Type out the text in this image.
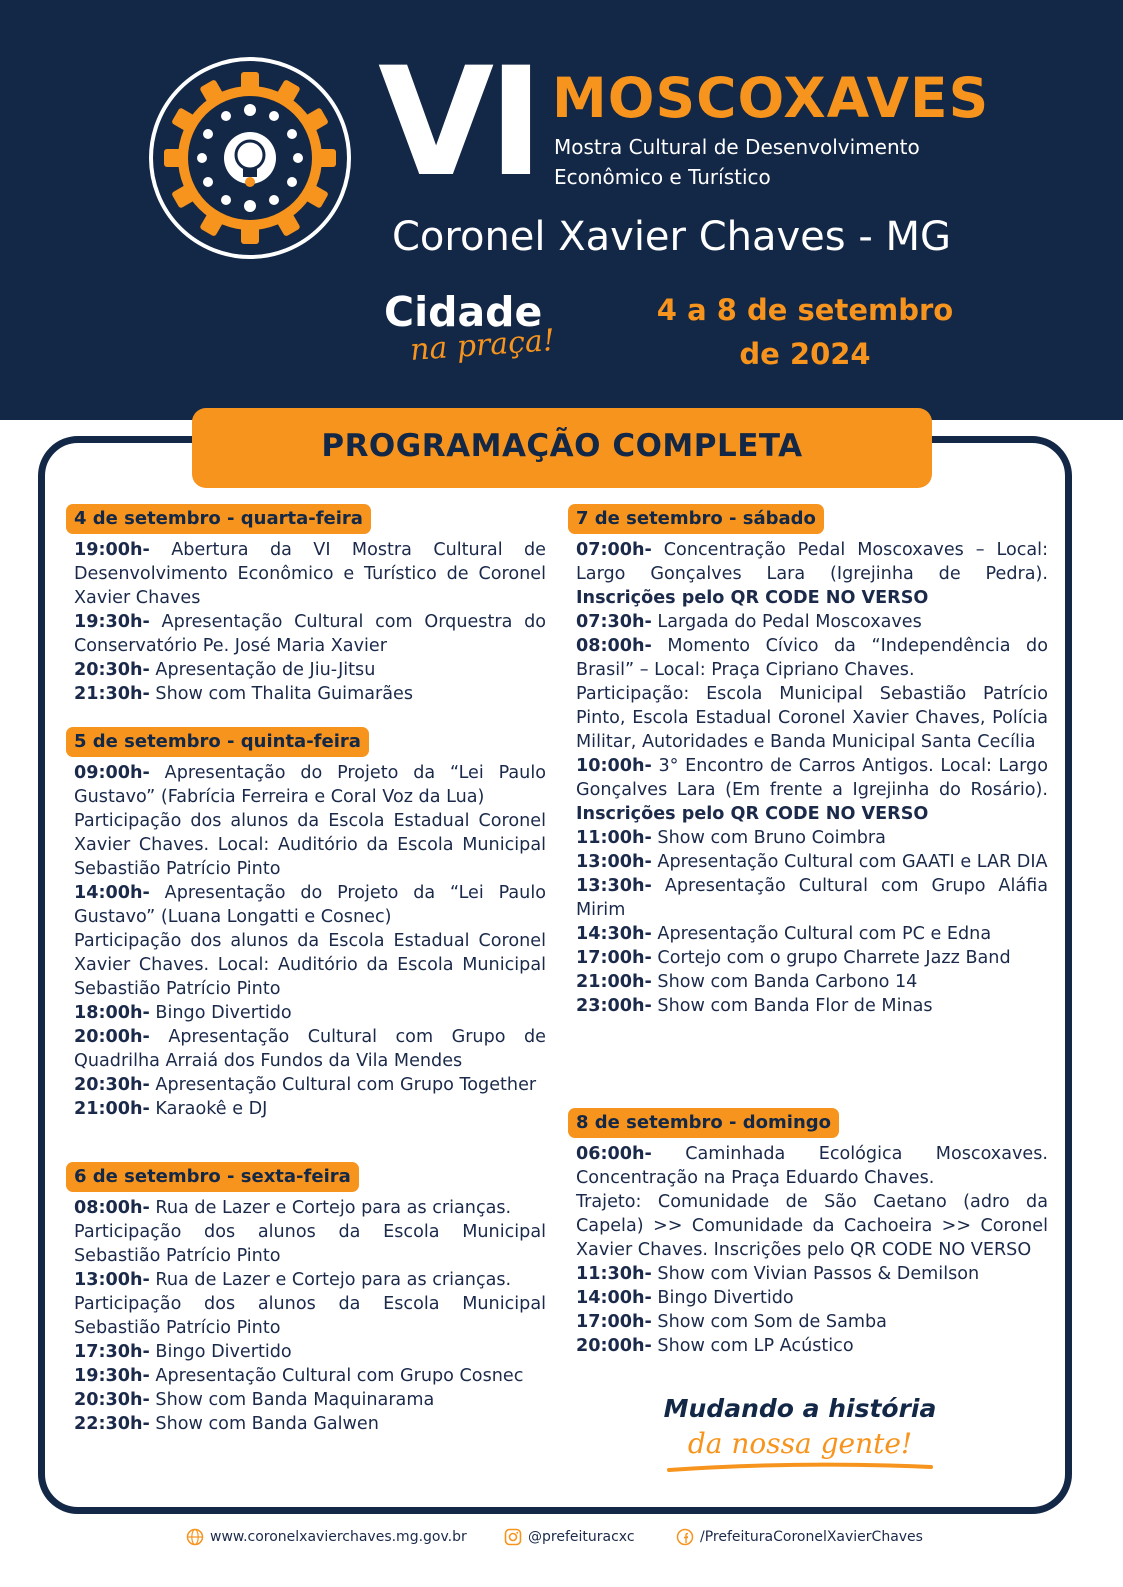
VI MOSCOXAVES
Mostra Cultural de Desenvolvimento Econômico e Turístico
Coronel Xavier Chaves - MG
Cidade
na praça!
4 a 8 de setembro
de 2024
PROGRAMAÇÃO COMPLETA
4 de setembro - quarta-feira

19:00h- Abertura da VI Mostra Cultural de Desenvolvimento Econômico e Turístico de Coronel Xavier Chaves

19:30h- Apresentação Cultural com Orquestra do Conservatório Pe. José Maria Xavier

20:30h- Apresentação de Jiu-Jitsu

21:30h- Show com Thalita Guimarães

5 de setembro - quinta-feira

09:00h- Apresentação do Projeto da “Lei Paulo Gustavo” (Fabrícia Ferreira e Coral Voz da Lua)

Participação dos alunos da Escola Estadual Coronel Xavier Chaves. Local: Auditório da Escola Municipal Sebastião Patrício Pinto

14:00h- Apresentação do Projeto da “Lei Paulo Gustavo” (Luana Longatti e Cosnec)

Participação dos alunos da Escola Estadual Coronel Xavier Chaves. Local: Auditório da Escola Municipal Sebastião Patrício Pinto

18:00h- Bingo Divertido

20:00h- Apresentação Cultural com Grupo de Quadrilha Arraiá dos Fundos da Vila Mendes

20:30h- Apresentação Cultural com Grupo Together

21:00h- Karaokê e DJ

6 de setembro - sexta-feira

08:00h- Rua de Lazer e Cortejo para as crianças.

Participação dos alunos da Escola Municipal Sebastião Patrício Pinto

13:00h- Rua de Lazer e Cortejo para as crianças.

Participação dos alunos da Escola Municipal Sebastião Patrício Pinto

17:30h- Bingo Divertido

19:30h- Apresentação Cultural com Grupo Cosnec

20:30h- Show com Banda Maquinarama

22:30h- Show com Banda Galwen

7 de setembro - sábado

07:00h- Concentração Pedal Moscoxaves – Local: Largo Gonçalves Lara (Igrejinha de Pedra). Inscrições pelo QR CODE NO VERSO

07:30h- Largada do Pedal Moscoxaves

08:00h- Momento Cívico da “Independência do Brasil” – Local: Praça Cipriano Chaves.

Participação: Escola Municipal Sebastião Patrício Pinto, Escola Estadual Coronel Xavier Chaves, Polícia Militar, Autoridades e Banda Municipal Santa Cecília

10:00h- 3° Encontro de Carros Antigos. Local: Largo Gonçalves Lara (Em frente a Igrejinha do Rosário). Inscrições pelo QR CODE NO VERSO

11:00h- Show com Bruno Coimbra

13:00h- Apresentação Cultural com GAATI e LAR DIA

13:30h- Apresentação Cultural com Grupo Aláfia Mirim

14:30h- Apresentação Cultural com PC e Edna

17:00h- Cortejo com o grupo Charrete Jazz Band

21:00h- Show com Banda Carbono 14

23:00h- Show com Banda Flor de Minas

8 de setembro - domingo

06:00h- Caminhada Ecológica Moscoxaves. Concentração na Praça Eduardo Chaves.

Trajeto: Comunidade de São Caetano (adro da Capela) >> Comunidade da Cachoeira >> Coronel Xavier Chaves. Inscrições pelo QR CODE NO VERSO

11:30h- Show com Vivian Passos & Demilson

14:00h- Bingo Divertido

17:00h- Show com Som de Samba

20:00h- Show com LP Acústico

Mudando a história
da nossa gente!
www.coronelxavierchaves.mg.gov.br	@prefeituracxc	/PrefeituraCoronelXavierChaves
